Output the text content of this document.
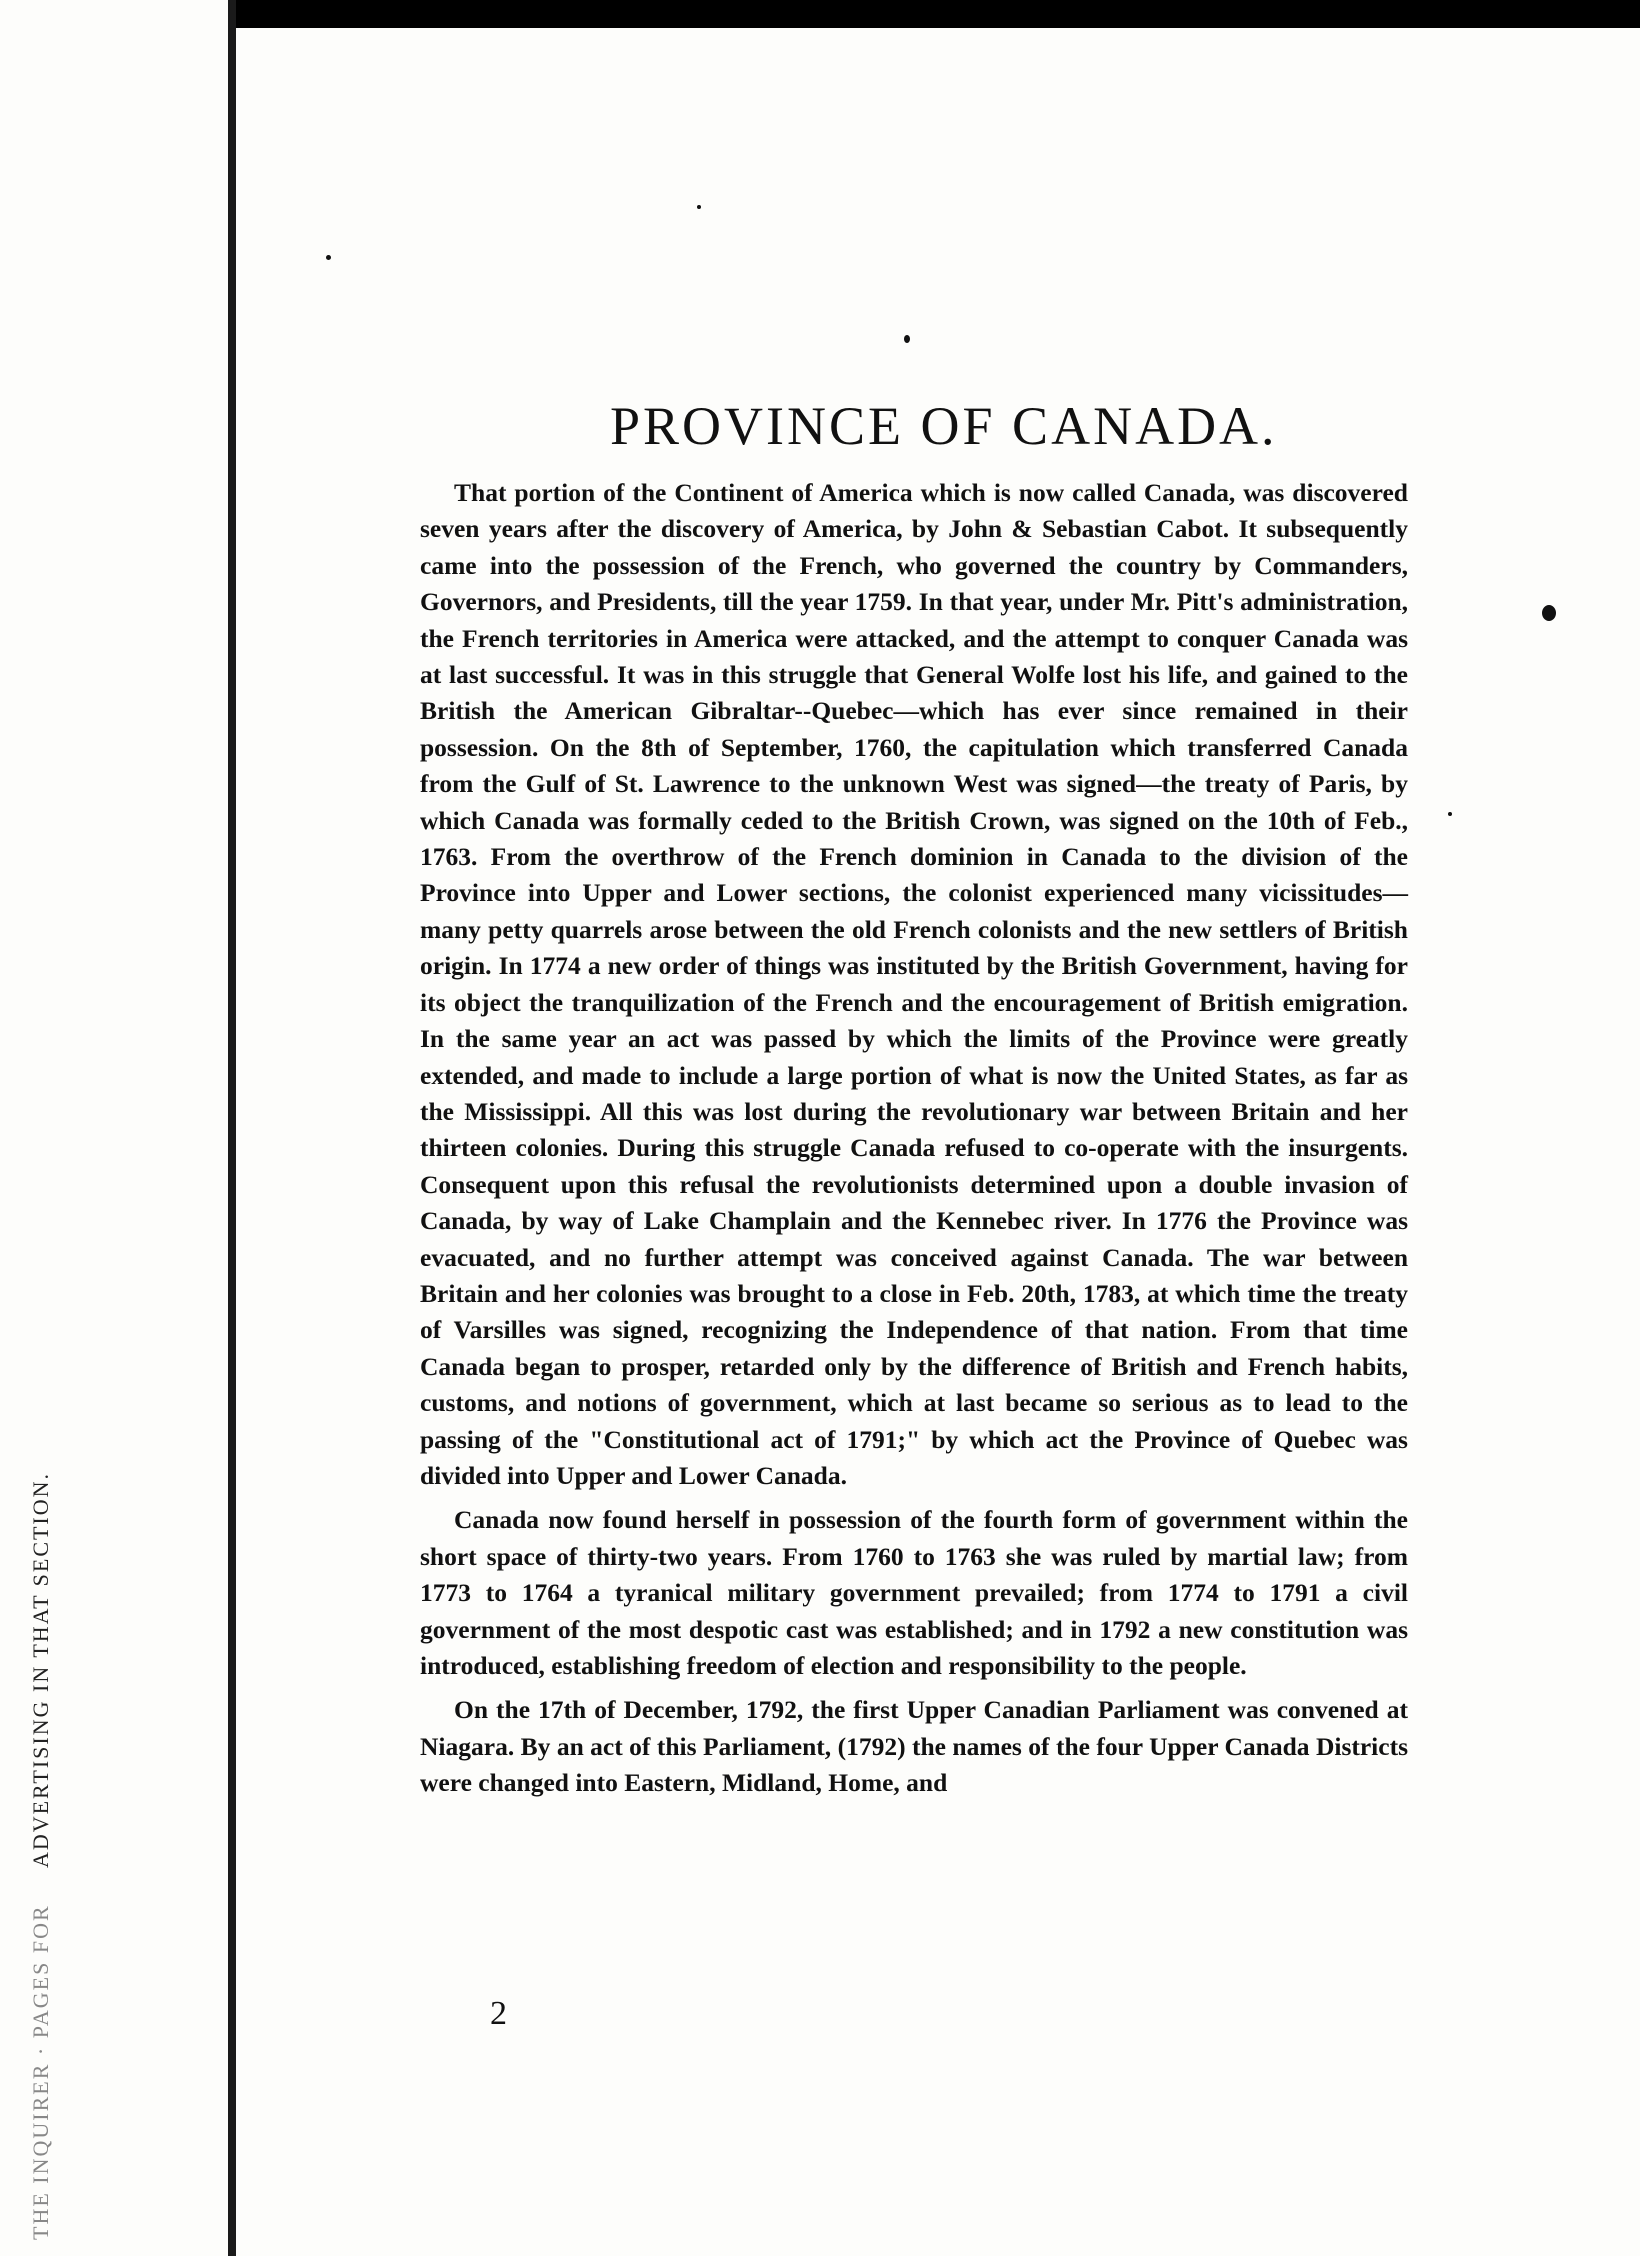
THE INQUIRER · PAGES FOR     ADVERTISING IN THAT SECTION.
PROVINCE OF CANADA.

That portion of the Continent of America which is now called Canada, was discovered seven years after the discovery of America, by John & Sebastian Cabot. It subsequently came into the possession of the French, who governed the country by Commanders, Governors, and Presidents, till the year 1759. In that year, under Mr. Pitt's administration, the French territories in America were attacked, and the attempt to conquer Canada was at last successful. It was in this struggle that General Wolfe lost his life, and gained to the British the American Gibraltar--Quebec—which has ever since remained in their possession. On the 8th of September, 1760, the capitulation which transferred Canada from the Gulf of St. Lawrence to the unknown West was signed—the treaty of Paris, by which Canada was formally ceded to the British Crown, was signed on the 10th of Feb., 1763. From the overthrow of the French dominion in Canada to the division of the Province into Upper and Lower sections, the colonist experienced many vicissitudes—many petty quarrels arose between the old French colonists and the new settlers of British origin. In 1774 a new order of things was instituted by the British Government, having for its object the tranquilization of the French and the encouragement of British emigration. In the same year an act was passed by which the limits of the Province were greatly extended, and made to include a large portion of what is now the United States, as far as the Mississippi. All this was lost during the revolutionary war between Britain and her thirteen colonies. During this struggle Canada refused to co-operate with the insurgents. Consequent upon this refusal the revolutionists determined upon a double invasion of Canada, by way of Lake Champlain and the Kennebec river. In 1776 the Province was evacuated, and no further attempt was conceived against Canada. The war between Britain and her colonies was brought to a close in Feb. 20th, 1783, at which time the treaty of Varsilles was signed, recognizing the Independence of that nation. From that time Canada began to prosper, retarded only by the difference of British and French habits, customs, and notions of government, which at last became so serious as to lead to the passing of the "Constitutional act of 1791;" by which act the Province of Quebec was divided into Upper and Lower Canada.

Canada now found herself in possession of the fourth form of government within the short space of thirty-two years. From 1760 to 1763 she was ruled by martial law; from 1773 to 1764 a tyranical military government prevailed; from 1774 to 1791 a civil government of the most despotic cast was established; and in 1792 a new constitution was introduced, establishing freedom of election and responsibility to the people.

On the 17th of December, 1792, the first Upper Canadian Parliament was convened at Niagara. By an act of this Parliament, (1792) the names of the four Upper Canada Districts were changed into Eastern, Midland, Home, and

2
